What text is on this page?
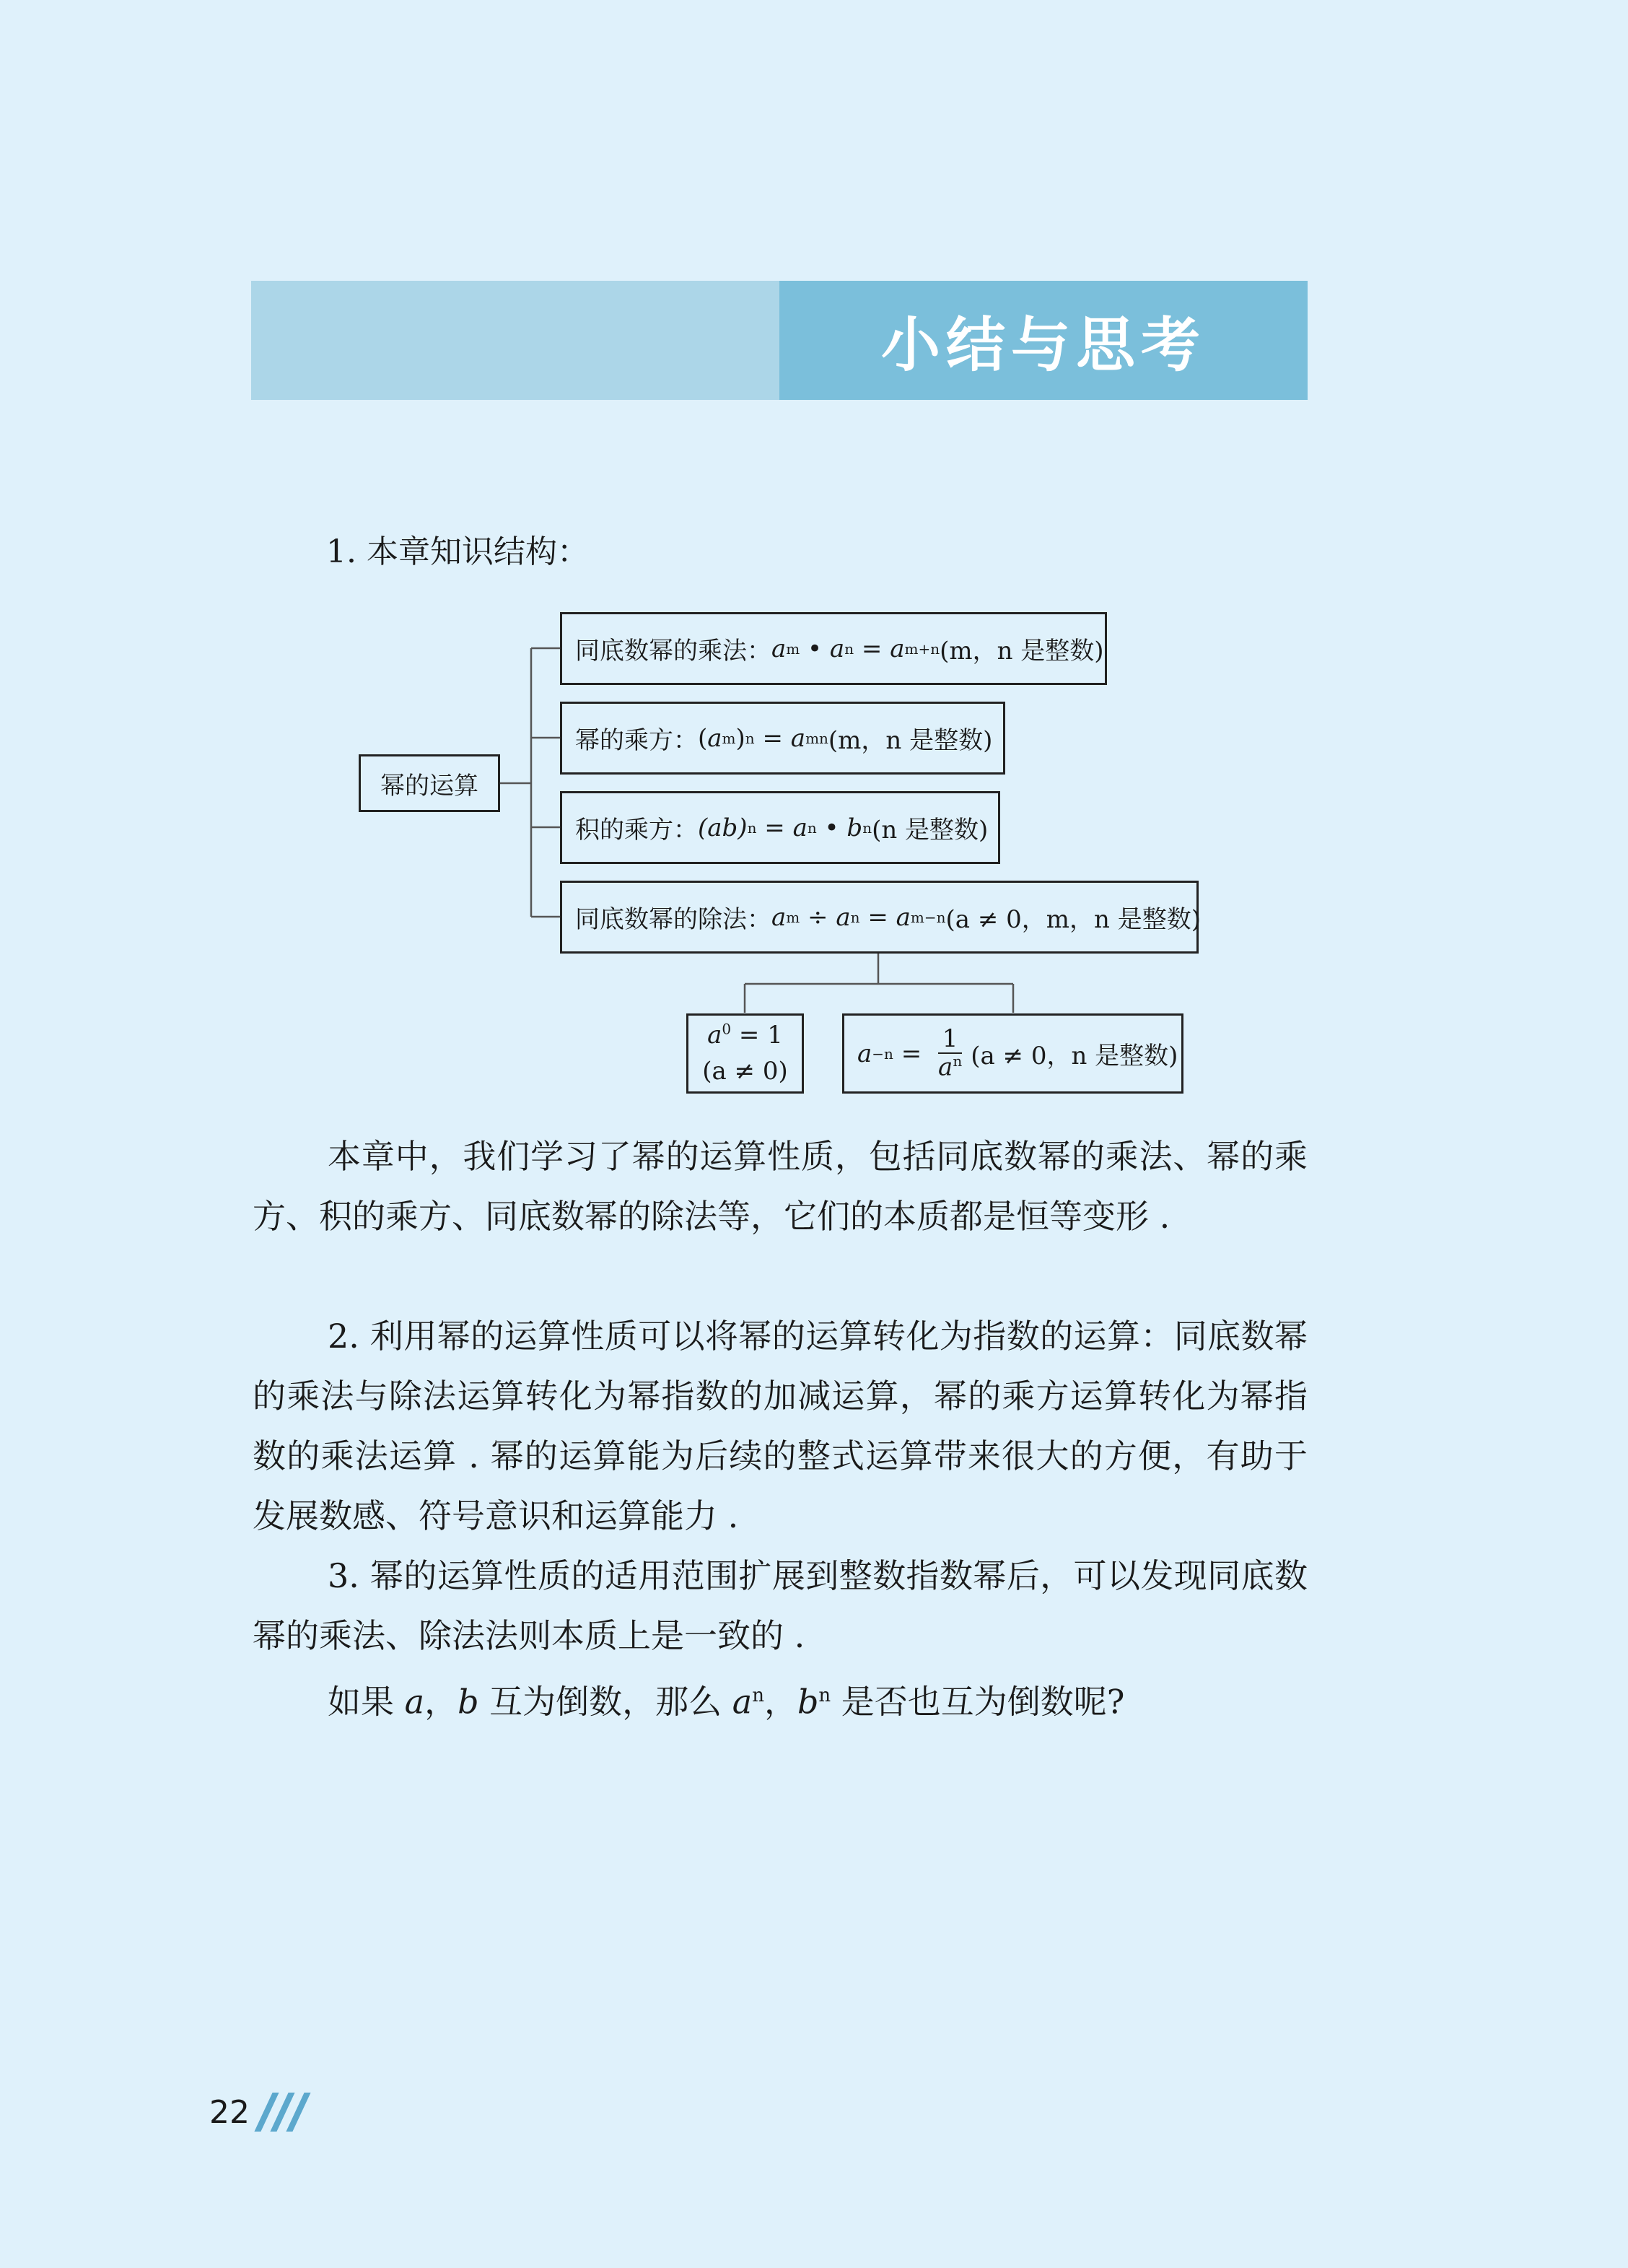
小结与思考
1. 本章知识结构：
幂的运算
同底数幂的乘法： a m • a n = a m+n (m，n 是整数)
幂的乘方： ( a m ) n = a mn (m，n 是整数)
积的乘方： (ab) n = a n • b n (n 是整数)
同底数幂的除法： a m ÷ a n = a m−n (a ≠ 0，m，n 是整数)
$a^0 = 1$
(a ≠ 0)
$a -n = \frac{1}{a^n} (a \ne 0$，n 是整数)

本章中，我们学习了幂的运算性质，包括同底数幂的乘法、幂的乘方、积的乘方、同底数幂的除法等，它们的本质都是恒等变形 .

2. 利用幂的运算性质可以将幂的运算转化为指数的运算：同底数幂的乘法与除法运算转化为幂指数的加减运算，幂的乘方运算转化为幂指数的乘法运算 . 幂的运算能为后续的整式运算带来很大的方便，有助于发展数感、符号意识和运算能力 .

3. 幂的运算性质的适用范围扩展到整数指数幂后，可以发现同底数幂的乘法、除法法则本质上是一致的 .

如果 a，b 互为倒数，那么 $a^n$，$b^n$ 是否也互为倒数呢?

22
